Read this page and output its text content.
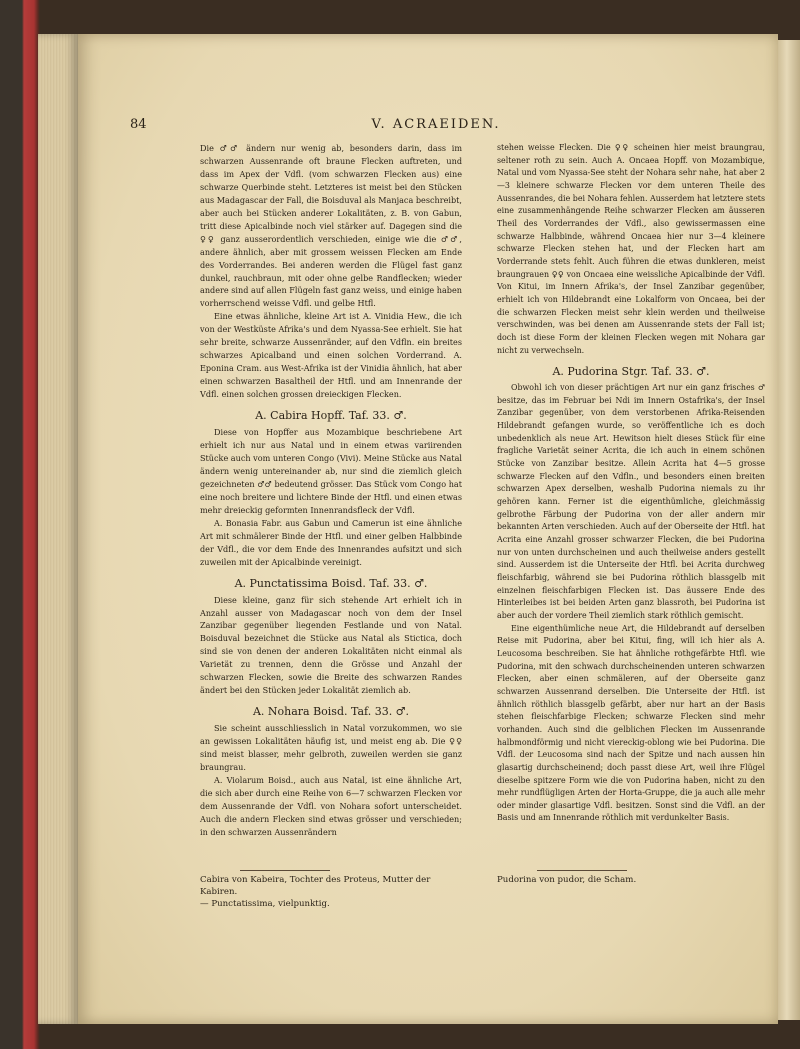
84	V. ACRAEIDEN.

Die ♂♂ ändern nur wenig ab, besonders darin, dass im schwarzen Aussenrande oft braune Flecken auftreten, und dass im Apex der Vdfl. (vom schwarzen Flecken aus) eine schwarze Querbinde steht. Letzteres ist meist bei den Stücken aus Madagascar der Fall, die Boisduval als Manjaca beschreibt, aber auch bei Stücken anderer Lokalitäten, z. B. von Gabun, tritt diese Apicalbinde noch viel stärker auf. Dagegen sind die ♀♀ ganz ausserordentlich verschieden, einige wie die ♂♂, andere ähnlich, aber mit grossem weissen Flecken am Ende des Vorderrandes. Bei anderen werden die Flügel fast ganz dunkel, rauchbraun, mit oder ohne gelbe Randflecken; wieder andere sind auf allen Flügeln fast ganz weiss, und einige haben vorherrschend weisse Vdfl. und gelbe Htfl.

Eine etwas ähnliche, kleine Art ist A. Vinidia Hew., die ich von der Westküste Afrika's und dem Nyassa-See erhielt. Sie hat sehr breite, schwarze Aussenränder, auf den Vdfln. ein breites schwarzes Apicalband und einen solchen Vorderrand. A. Eponina Cram. aus West-Afrika ist der Vinidia ähnlich, hat aber einen schwarzen Basaltheil der Htfl. und am Innenrande der Vdfl. einen solchen grossen dreieckigen Flecken.

A. Cabira Hopff. Taf. 33. ♂.

Diese von Hopffer aus Mozambique beschriebene Art erhielt ich nur aus Natal und in einem etwas variirenden Stücke auch vom unteren Congo (Vivi). Meine Stücke aus Natal ändern wenig untereinander ab, nur sind die ziemlich gleich gezeichneten ♂♂ bedeutend grösser. Das Stück vom Congo hat eine noch breitere und lichtere Binde der Htfl. und einen etwas mehr dreieckig geformten Innenrandsfleck der Vdfl.

A. Bonasia Fabr. aus Gabun und Camerun ist eine ähnliche Art mit schmälerer Binde der Htfl. und einer gelben Halbbinde der Vdfl., die vor dem Ende des Innenrandes aufsitzt und sich zuweilen mit der Apicalbinde vereinigt.

A. Punctatissima Boisd. Taf. 33. ♂.

Diese kleine, ganz für sich stehende Art erhielt ich in Anzahl ausser von Madagascar noch von dem der Insel Zanzibar gegenüber liegenden Festlande und von Natal. Boisduval bezeichnet die Stücke aus Natal als Stictica, doch sind sie von denen der anderen Lokalitäten nicht einmal als Varietät zu trennen, denn die Grösse und Anzahl der schwarzen Flecken, sowie die Breite des schwarzen Randes ändert bei den Stücken jeder Lokalität ziemlich ab.

A. Nohara Boisd. Taf. 33. ♂.

Sie scheint ausschliesslich in Natal vorzukommen, wo sie an gewissen Lokalitäten häufig ist, und meist eng ab. Die ♀♀ sind meist blasser, mehr gelbroth, zuweilen werden sie ganz braungrau.

A. Violarum Boisd., auch aus Natal, ist eine ähnliche Art, die sich aber durch eine Reihe von 6—7 schwarzen Flecken vor dem Aussenrande der Vdfl. von Nohara sofort unterscheidet. Auch die andern Flecken sind etwas grösser und verschieden; in den schwarzen Aussenrändern

stehen weisse Flecken. Die ♀♀ scheinen hier meist braungrau, seltener roth zu sein. Auch A. Oncaea Hopff. von Mozambique, Natal und vom Nyassa-See steht der Nohara sehr nahe, hat aber 2—3 kleinere schwarze Flecken vor dem unteren Theile des Aussenrandes, die bei Nohara fehlen. Ausserdem hat letztere stets eine zusammenhängende Reihe schwarzer Flecken am äusseren Theil des Vorderrandes der Vdfl., also gewissermassen eine schwarze Halbbinde, während Oncaea hier nur 3—4 kleinere schwarze Flecken stehen hat, und der Flecken hart am Vorderrande stets fehlt. Auch führen die etwas dunkleren, meist braungrauen ♀♀ von Oncaea eine weissliche Apicalbinde der Vdfl. Von Kitui, im Innern Afrika's, der Insel Zanzibar gegenüber, erhielt ich von Hildebrandt eine Lokalform von Oncaea, bei der die schwarzen Flecken meist sehr klein werden und theilweise verschwinden, was bei denen am Aussenrande stets der Fall ist; doch ist diese Form der kleinen Flecken wegen mit Nohara gar nicht zu verwechseln.

A. Pudorina Stgr. Taf. 33. ♂.

Obwohl ich von dieser prächtigen Art nur ein ganz frisches ♂ besitze, das im Februar bei Ndi im Innern Ostafrika's, der Insel Zanzibar gegenüber, von dem verstorbenen Afrika-Reisenden Hildebrandt gefangen wurde, so veröffentliche ich es doch unbedenklich als neue Art. Hewitson hielt dieses Stück für eine fragliche Varietät seiner Acrita, die ich auch in einem schönen Stücke von Zanzibar besitze. Allein Acrita hat 4—5 grosse schwarze Flecken auf den Vdfln., und besonders einen breiten schwarzen Apex derselben, weshalb Pudorina niemals zu ihr gehören kann. Ferner ist die eigenthümliche, gleichmässig gelbrothe Färbung der Pudorina von der aller andern mir bekannten Arten verschieden. Auch auf der Oberseite der Htfl. hat Acrita eine Anzahl grosser schwarzer Flecken, die bei Pudorina nur von unten durchscheinen und auch theilweise anders gestellt sind. Ausserdem ist die Unterseite der Htfl. bei Acrita durchweg fleischfarbig, während sie bei Pudorina röthlich blassgelb mit einzelnen fleischfarbigen Flecken ist. Das äussere Ende des Hinterleibes ist bei beiden Arten ganz blassroth, bei Pudorina ist aber auch der vordere Theil ziemlich stark röthlich gemischt.

Eine eigenthümliche neue Art, die Hildebrandt auf derselben Reise mit Pudorina, aber bei Kitui, fing, will ich hier als A. Leucosoma beschreiben. Sie hat ähnliche rothgefärbte Htfl. wie Pudorina, mit den schwach durchscheinenden unteren schwarzen Flecken, aber einen schmäleren, auf der Oberseite ganz schwarzen Aussenrand derselben. Die Unterseite der Htfl. ist ähnlich röthlich blassgelb gefärbt, aber nur hart an der Basis stehen fleischfarbige Flecken; schwarze Flecken sind mehr vorhanden. Auch sind die gelblichen Flecken im Aussenrande halbmondförmig und nicht viereckig-oblong wie bei Pudorina. Die Vdfl. der Leucosoma sind nach der Spitze und nach aussen hin glasartig durchscheinend; doch passt diese Art, weil ihre Flügel dieselbe spitzere Form wie die von Pudorina haben, nicht zu den mehr rundflügligen Arten der Horta-Gruppe, die ja auch alle mehr oder minder glasartige Vdfl. besitzen. Sonst sind die Vdfl. an der Basis und am Innenrande röthlich mit verdunkelter Basis.

Cabira von Kabeira, Tochter des Proteus, Mutter der Kabiren.

— Punctatissima, vielpunktig.

Pudorina von pudor, die Scham.
